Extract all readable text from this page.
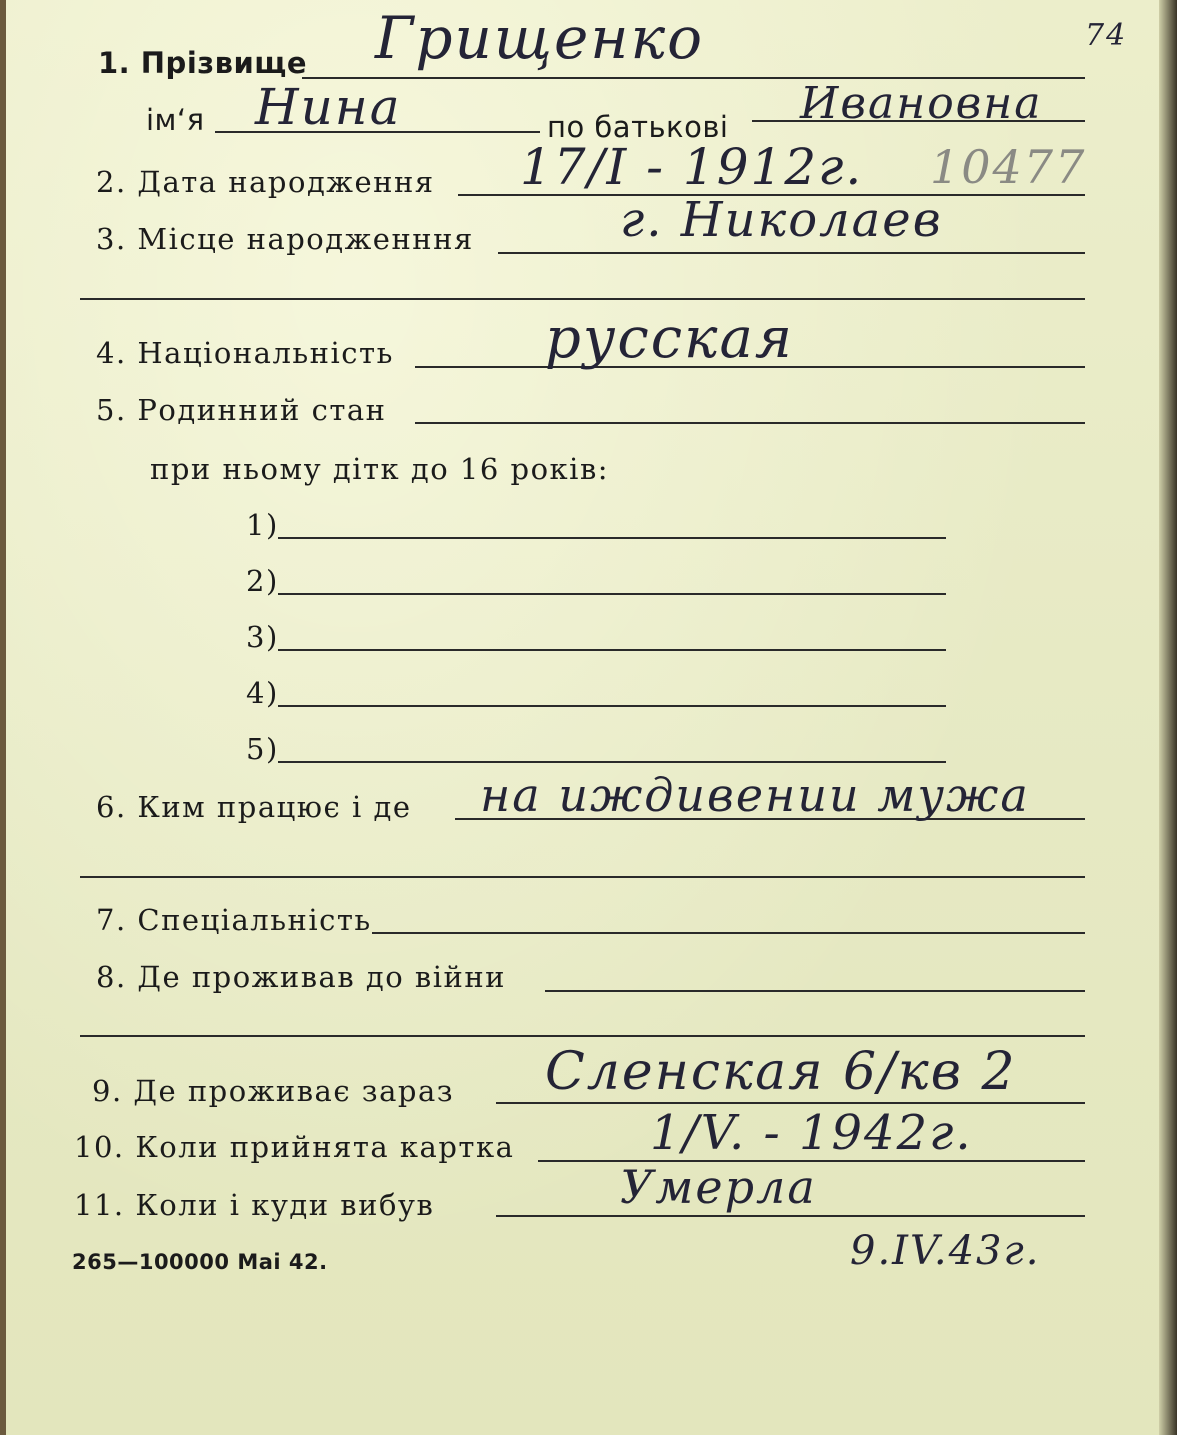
74
1. Прізвище Грищенко
ім‘я Нина	по батькові Ивановна
2. Дата народження 17/І - 1912г. 10477
3. Місце народженння	г. Николаев
4. Національність	русская
5. Родинний стан
при ньому дітк до 16 років:
1)
2)
3)
4)
5)
6. Ким працює і де на иждивении мужа
7. Спеціальність
8. Де проживав до війни
9. Де проживає зараз Сленская 6/кв 2
10. Коли прийнята картка	1/V. - 1942г.
11. Коли і куди вибув	Умерла
9.IV.43г.
265—100000 Mai 42.
